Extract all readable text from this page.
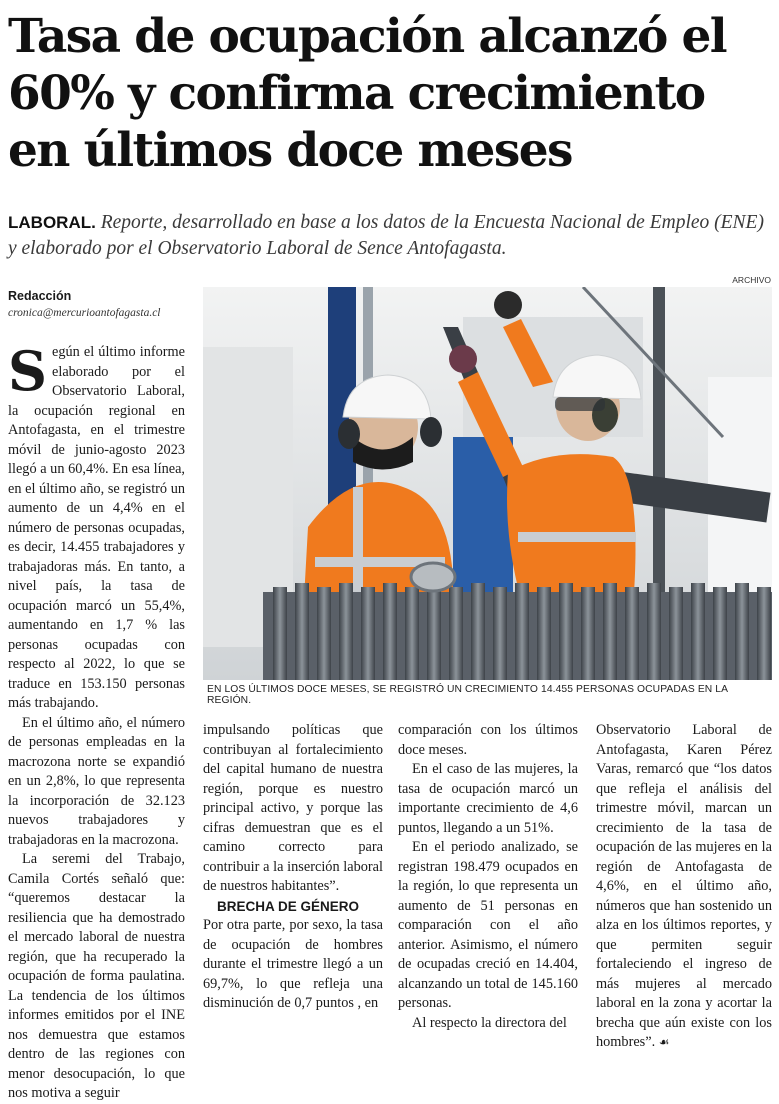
Tasa de ocupación alcanzó el 60% y confirma crecimiento en últimos doce meses

LABORAL. Reporte, desarrollado en base a los datos de la Encuesta Nacional de Empleo (ENE) y elaborado por el Observatorio Laboral de Sence Antofagasta.

Redacción
cronica@mercurioantofagasta.cl
ARCHIVO

Según el último informe elaborado por el Observatorio Laboral, la ocupación regional en Antofagasta, en el trimestre móvil de junio-agosto 2023 llegó a un 60,4%. En esa línea, en el último año, se registró un aumento de un 4,4% en el número de personas ocupadas, es decir, 14.455 trabajadores y trabajadoras más. En tanto, a nivel país, la tasa de ocupación marcó un 55,4%, aumentando en 1,7 % las personas ocupadas con respecto al 2022, lo que se traduce en 153.150 personas más trabajando.

En el último año, el número de personas empleadas en la macrozona norte se expandió en un 2,8%, lo que representa la incorporación de 32.123 nuevos trabajadores y trabajadoras en la macrozona.

La seremi del Trabajo, Camila Cortés señaló que: “queremos destacar la resiliencia que ha demostrado el mercado laboral de nuestra región, que ha recuperado la ocupación de forma paulatina. La tendencia de los últimos informes emitidos por el INE nos demuestra que estamos dentro de las regiones con menor desocupación, lo que nos motiva a seguir

EN LOS ÚLTIMOS DOCE MESES, SE REGISTRÓ UN CRECIMIENTO 14.455 PERSONAS OCUPADAS EN LA REGIÓN.

impulsando políticas que contribuyan al fortalecimiento del capital humano de nuestra región, porque es nuestro principal activo, y porque las cifras demuestran que es el camino correcto para contribuir a la inserción laboral de nuestros habitantes”.

BRECHA DE GÉNERO

Por otra parte, por sexo, la tasa de ocupación de hombres durante el trimestre llegó a un 69,7%, lo que refleja una disminución de 0,7 puntos , en

comparación con los últimos doce meses.

En el caso de las mujeres, la tasa de ocupación marcó un importante crecimiento de 4,6 puntos, llegando a un 51%.

En el periodo analizado, se registran 198.479 ocupados en la región, lo que representa un aumento de 51 personas en comparación con el año anterior. Asimismo, el número de ocupadas creció en 14.404, alcanzando un total de 145.160 personas.

Al respecto la directora del

Observatorio Laboral de Antofagasta, Karen Pérez Varas, remarcó que “los datos que refleja el análisis del trimestre móvil, marcan un crecimiento de la tasa de ocupación de las mujeres en la región de Antofagasta de 4,6%, en el último año, números que han sostenido un alza en los últimos reportes, y que permiten seguir fortaleciendo el ingreso de más mujeres al mercado laboral en la zona y acortar la brecha que aún existe con los hombres”. ☙
